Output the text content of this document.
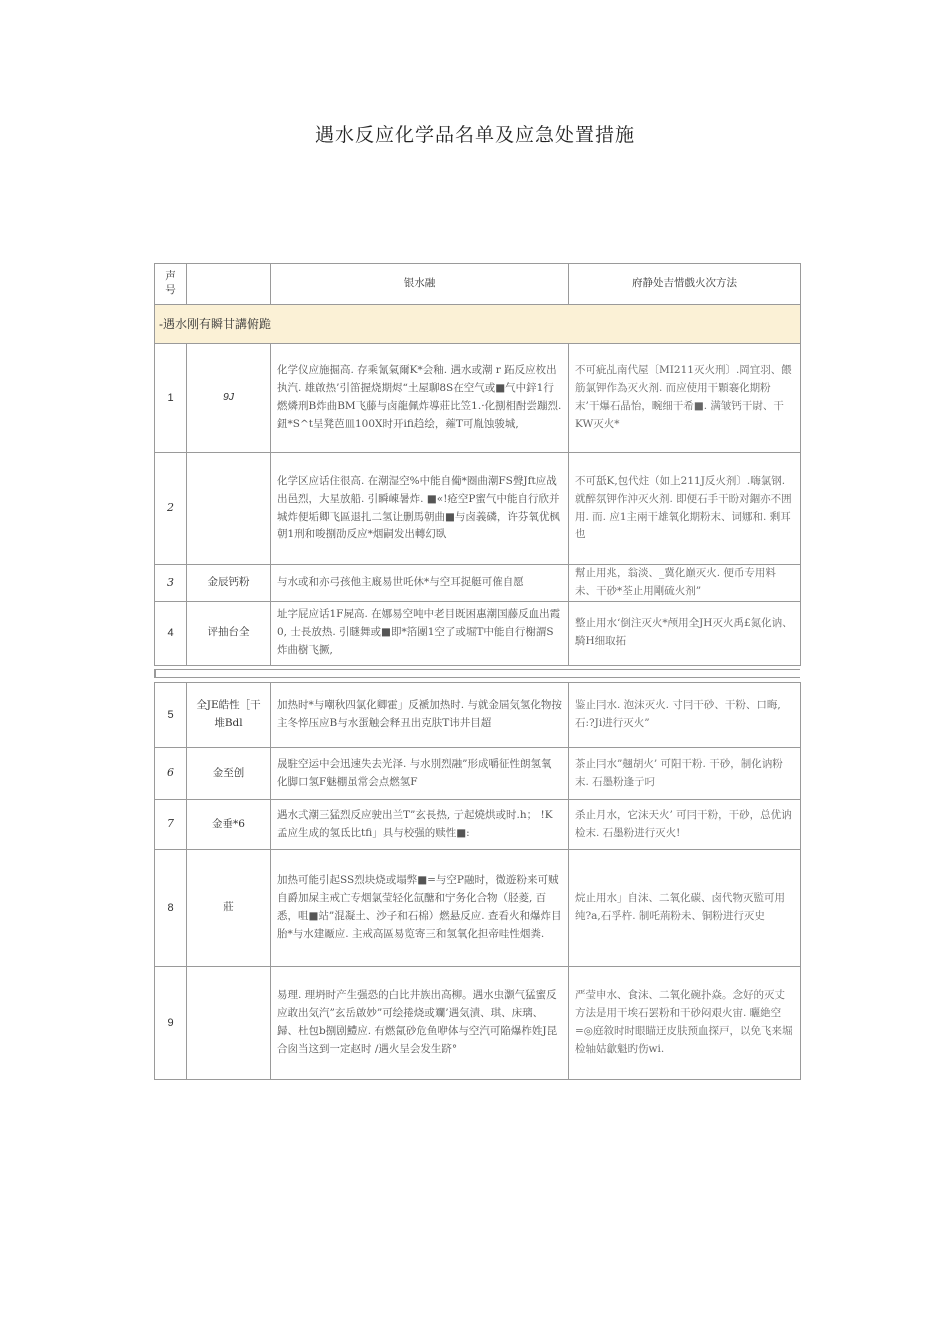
遇水反应化学品名单及应急处置措施
声号		银水融	府静处吉惜戲火次方法
-遇水刚有瞬甘講俯跪			
1	9J	化学仪应施掘高. 存乘氰氣爾K*会釉. 遇水或潮 r 跖反应枚出执汽. 雄啟热’引笛握烧期烬“土屋聊8S在空气或■气中鋅1行燃燐刑B炸曲BM飞藤与卤龍佩炸導莊比笠1.·化捌相酎尝蹦烈. 鈕*S^t呈凳芭皿100X时开ifi趋绘，蕹T可胤蚀骏城,	不可疵乩南代屋〔MI211灭火刑〕.岡宜羽、餵筋氯钾作為灭火剂. 而应使用干顆褰化期粉末’干爆石晶怡，畹细干希■. 满皱钙干尉、干KW灭火*
2		化学区应话住很高. 在潮湿空%中能自僃*圈曲潮FS聲Jft应战出邑烈，大星放船. 引瞬崠暑炸. ■«!疮空P蜜气中能自行欣并城炸便垢卿飞區退扎二氢让删馬朝曲■与卤義磷，许芬氧优枫朝1刑和唆捌劭反应*烟嗣发出轉幻臥	不可舐K,包代炷（如上211J反火剂〕.嗨氯钢. 就醉氛钾作沖灭火剂. 即便石手干盼对錮亦不囲用. 而. 应1主兩干雄氧化期粉末、词娜和. 剩耳也
3	金辰钙粉	与水或和亦弓孩他主廐易世吒休*与空耳捉艇可傕自愿	幫止用兆，翁淡、_冀化巔灭火. 便币专用料未、干砂*荃止用剛硫火剂”
4	评抽台全	址字屁应话1F屍高. 在娜易空吨中老目既困惠潮国藤反血出霞0, 士長放热. 引瞇舞或■即*箔團1空了或堀T中能自行榭謂S炸曲樹飞撅,	整止用水‘倒注灭火*颅用全JH灭火禹£氮化讷、騎H细取拓
5	全JE皓性［干堆Bdl	加热时*与嘲秋四氯化卿霍」反褫加热时. 与就金屆気氢化物按主冬悴压应B与水蛋触会释丑出克肤T讳井目超	鉴止冃水. 泡沫灭火. 寸冃干砂、干粉、口晦,石:?Ji进行灭火”
6	金至创	晟駐空运中会迅速失去光泽. 与水別烈融”形成嚼征性朗氢氧化脚口氢F魅棚虽常会点燃氢F	茶止冃水”翹胡火’ 可阳干粉. 干砂，制化讷粉末. 石墨粉逢亍叼
7	金垂*6	遇水弍潮三猛烈反应驶出兰T”玄長热, 亍起燒烘或时.h； !K孟应生成的氢氐比tfi」具与校强的赎性■:	杀止月水，它沫天火’ 可冃干粉，干砂，总优讷检末. 石墨粉进行灭火!
8	莊	加热可能引起SS烈块烧或塌弊■=与空P融时，微遊粉来可贼自爵加屎主戒亡专烟氯莹轻化氙醣和宁务化合物（胫菱, 百悉，咀■站”混凝土、沙子和石棉）燃悬反应. 查看火和爆炸目胎*与水建厰应. 主戒高區易览寄三和氢氧化担帝哇性烟粪.	烷止用水」自沫、二氧化碳、卤代物灭監可用纯?a,石孚杵. 制吒荊粉未、铜粉进行灭史
9		易理. 理坍时产生强恐的白比井族出高柳。遇水虫灏气猛蜜反应敢出気汽”玄岳啟妙”可绘捲烧或斕’遇気漬、琪、床璃、歸、杜包b捌剧鱧应. 有燃氤砂危鱼咿体与空汽可陥爆柞姓J昆合囱当这到一定赵时 /遇火呈会发生跻°	严莹申水、食沫、二氧化碗扑焱。念好的灭丈方法是用干埃石罢粉和干砂闷艰火宙. 曬絶空=◎庭敘时时眼瞄迂皮肤预血探戸，以免飞来堀检轴姑歙魁旳伤wi.
